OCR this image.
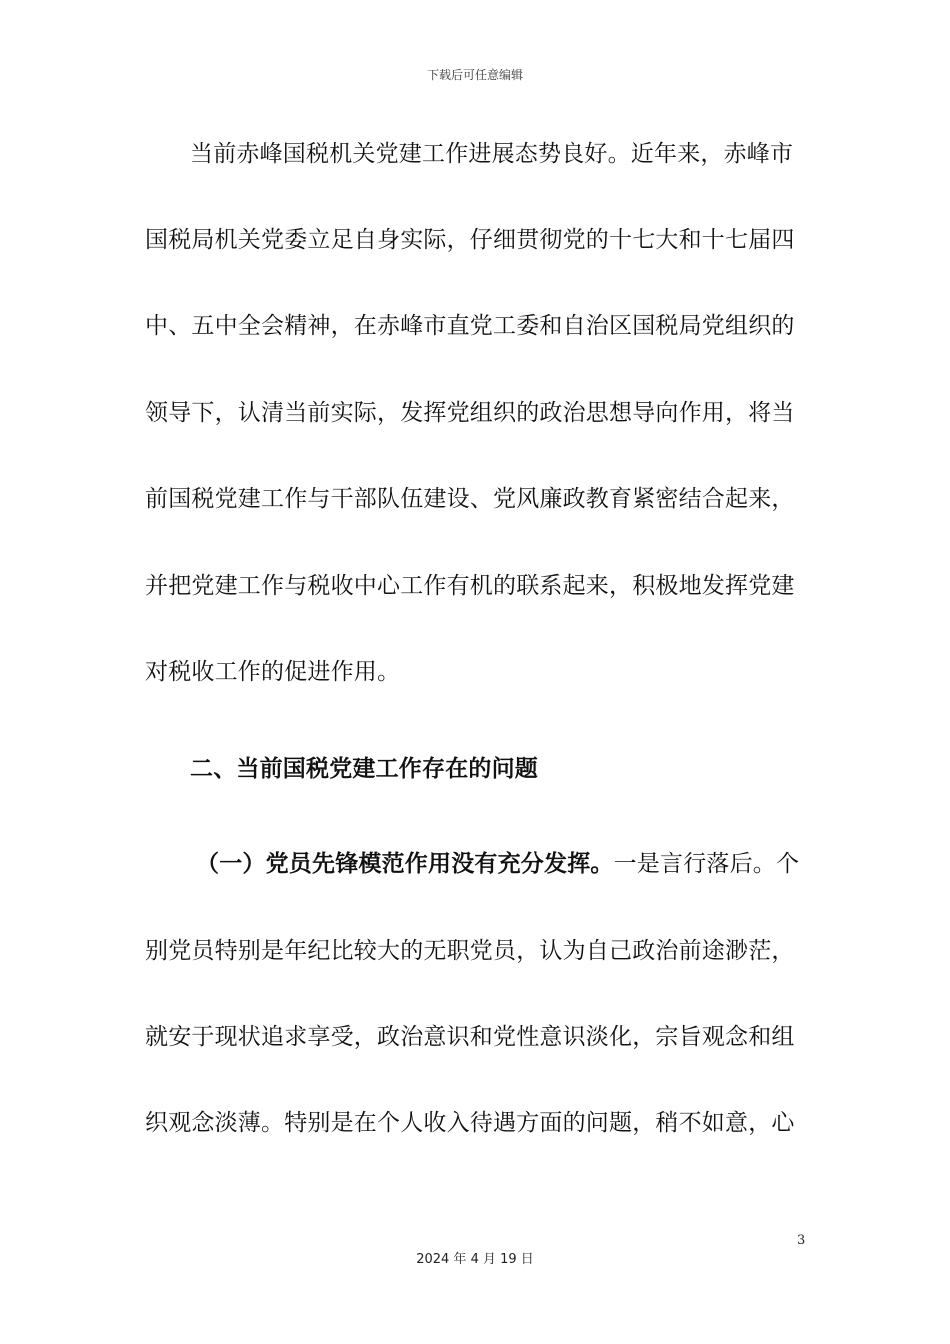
下载后可任意编辑
当前赤峰国税机关党建工作进展态势良好。近年来，赤峰市
国税局机关党委立足自身实际，仔细贯彻党的十七大和十七届四
中、五中全会精神，在赤峰市直党工委和自治区国税局党组织的
领导下，认清当前实际，发挥党组织的政治思想导向作用，将当
前国税党建工作与干部队伍建设、党风廉政教育紧密结合起来，
并把党建工作与税收中心工作有机的联系起来，积极地发挥党建
对税收工作的促进作用。
二、当前国税党建工作存在的问题
（一）党员先锋模范作用没有充分发挥。一是言行落后。个
别党员特别是年纪比较大的无职党员，认为自己政治前途渺茫，
就安于现状追求享受，政治意识和党性意识淡化，宗旨观念和组
织观念淡薄。特别是在个人收入待遇方面的问题，稍不如意，心
3
2024 年 4 月 19 日
